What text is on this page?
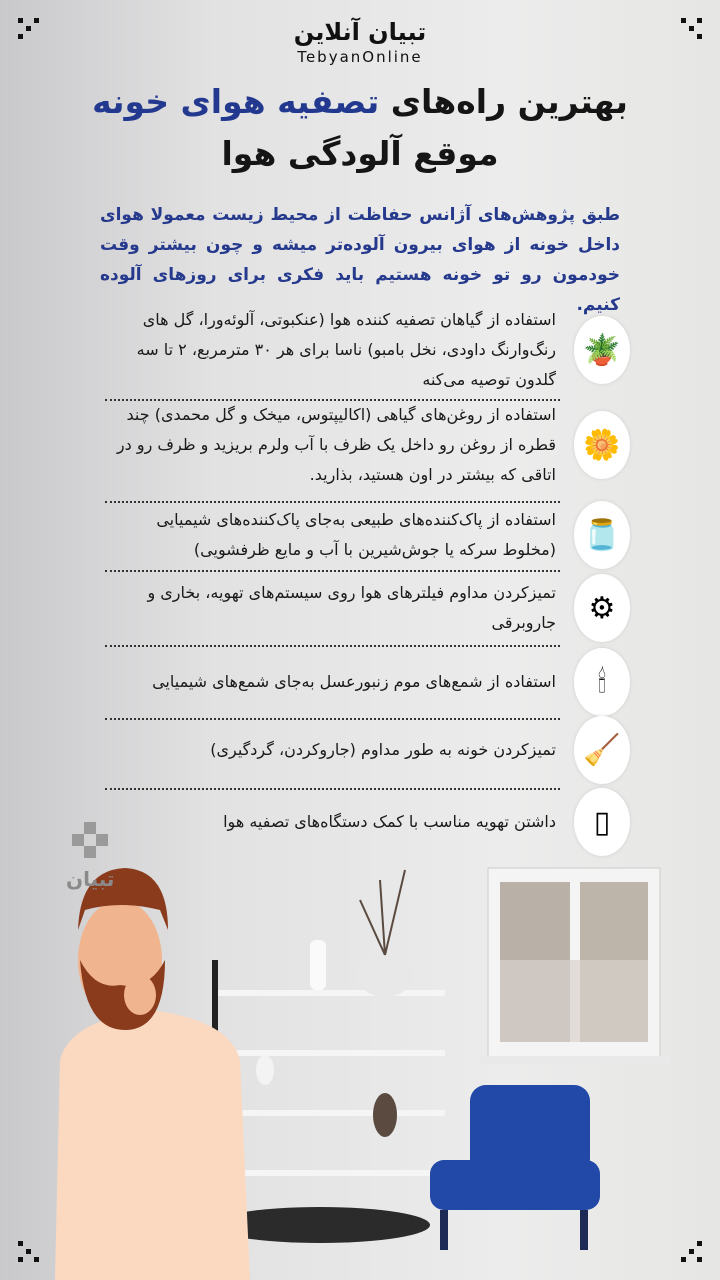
تبیان آنلاین
TebyanOnline
بهترین راه‌های تصفیه هوای خونه
موقع آلودگی هوا
طبق پژوهش‌های آژانس حفاظت از محیط زیست معمولا هوای داخل خونه از هوای بیرون آلوده‌تر میشه و چون بیشتر وقت خودمون رو تو خونه هستیم باید فکری برای روزهای آلوده کنیم.
🪴
استفاده از گیاهان تصفیه کننده هوا (عنکبوتی، آلوئه‌ورا، گل های رنگ‌وارنگ داودی، نخل بامبو) ناسا برای هر ۳۰ مترمربع، ۲ تا سه گلدون توصیه می‌کنه
🌼
استفاده از روغن‌های گیاهی (اکالیپتوس، میخک و گل محمدی) چند قطره از روغن رو داخل یک ظرف با آب ولرم بریزید و ظرف رو در اتاقی که بیشتر در اون هستید، بذارید.
🫙
استفاده از پاک‌کننده‌های طبیعی به‌جای پاک‌کننده‌های شیمیایی (مخلوط سرکه یا جوش‌شیرین با آب و مایع ظرفشویی)
⚙
تمیزکردن مداوم فیلترهای هوا روی سیستم‌های تهویه، بخاری و جاروبرقی
🕯
استفاده از شمع‌های موم زنبورعسل به‌جای شمع‌های شیمیایی
🧹
تمیزکردن خونه به طور مداوم (جاروکردن، گردگیری)
▯
داشتن تهویه مناسب با کمک دستگاه‌های تصفیه هوا
تبیان
